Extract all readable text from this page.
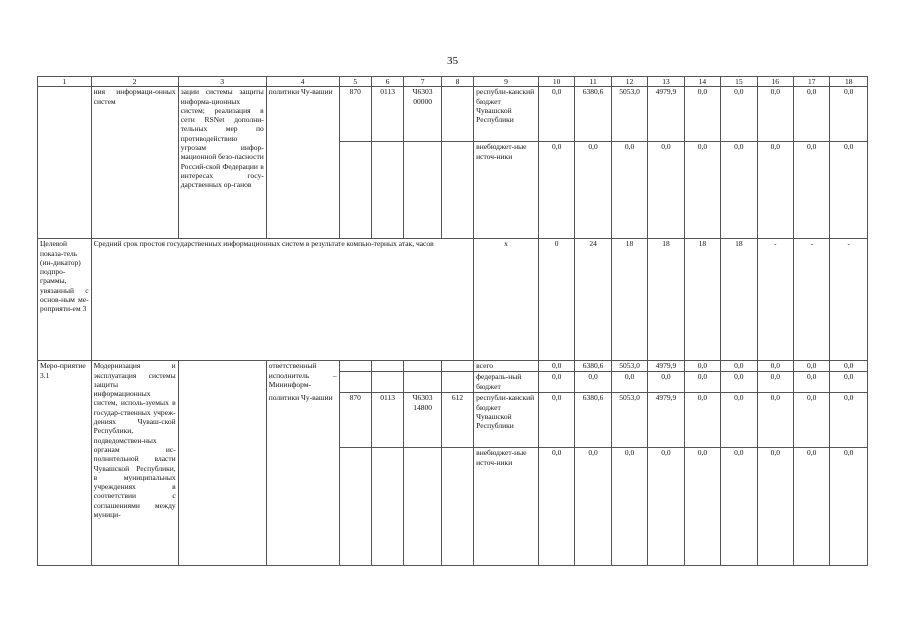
35
1	2	3	4	5	6	7	8	9	10	11	12	13	14	15	16	17	18
	ния информаци-онных систем	зации системы защиты информа-ционных систем; реализация в сети RSNet дополни-тельных мер по противодействию угрозам инфор-мационной безо-пасности Россий-ской Федерации в интересах госу-дарственных ор-ганов	политики Чу-вашии	870	0113	Ч6303 00000		республи-канский бюджет Чувашской Республики	0,0	6380,6	5053,0	4979,9	0,0	0,0	0,0	0,0	0,0
								внебюджет-ные источ-ники	0,0	0,0	0,0	0,0	0,0	0,0	0,0	0,0	0,0
Целевой показа-тель (ин-дикатор) подпро-граммы, увязанный с основ-ным ме-роприяти-ем 3	Средний срок простоя государственных информационных систем в результате компью-терных атак, часов							x	0	24	18	18	18	18	-	-	-
Меро-приятие 3.1	Модернизация и эксплуатация системы защиты информационных систем, исполь-зуемых в государ-ственных учреж-дениях Чуваш-ской Республики, подведомствен-ных органам ис-полнительной власти Чувашской Республики, в муниципальных учреждениях в соответствии с соглашениями между муници-		ответственный исполнитель – Мининформ-					всего	0,0	6380,6	5053,0	4979,9	0,0	0,0	0,0	0,0	0,0
								федераль-ный бюджет	0,0	0,0	0,0	0,0	0,0	0,0	0,0	0,0	0,0
			политики Чу-вашии	870	0113	Ч6303 14800	612	республи-канский бюджет Чувашской Республики	0,0	6380,6	5053,0	4979,9	0,0	0,0	0,0	0,0	0,0
								внебюджет-ные источ-ники	0,0	0,0	0,0	0,0	0,0	0,0	0,0	0,0	0,0
